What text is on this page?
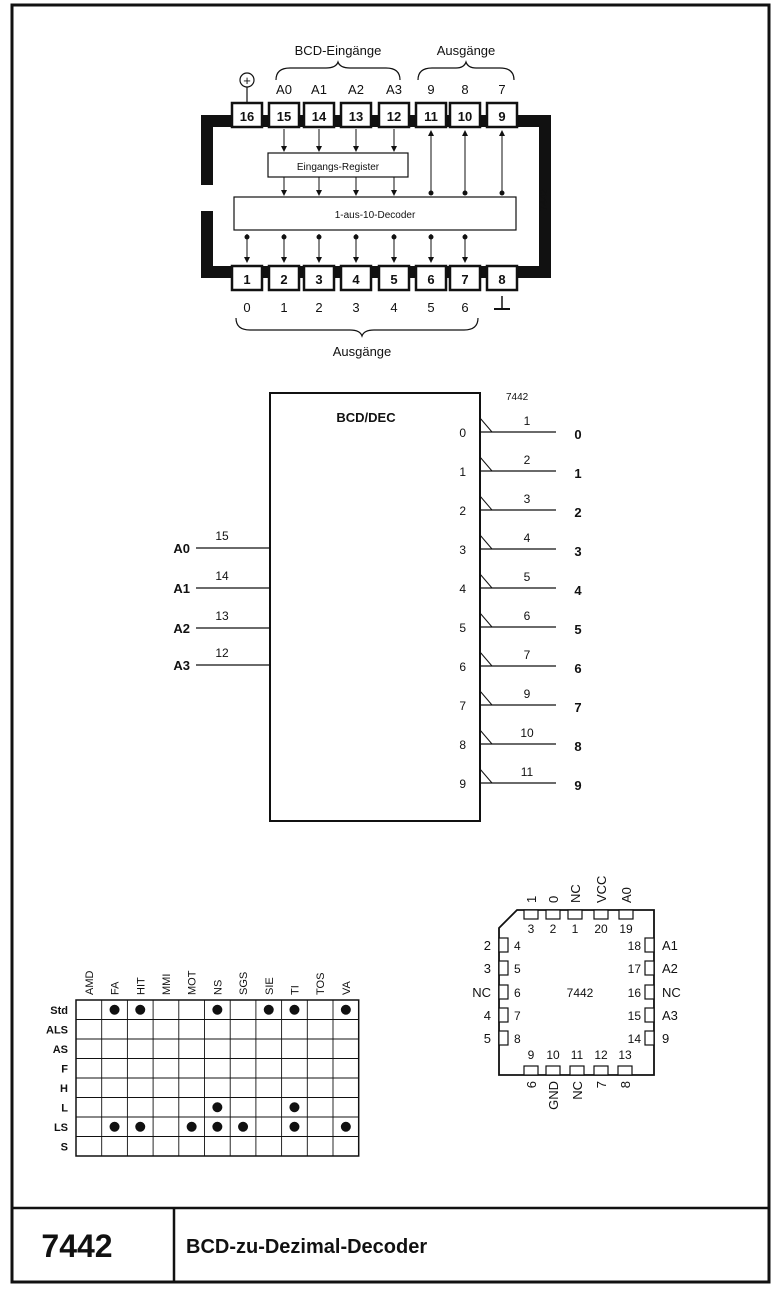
Eingangs-Register
1-aus-10-Decoder
7442
16 15
A0
14
A1
13
A2
12
A3
11
9
10
8
9
7
1
0
2
1
3
2
4
3
5
4
6
5
7
6
8
BCD-Eingänge	Ausgänge
+
Ausgänge
BCD/DEC
7442
A0
15
A1
14
A2
13
A3
12
0
1
0
1
2
1
2
3
2
3
4
3
4
5
4
5
6
5
6
7
6
7
9
7
8
10
8
9
11
9
AMD FA HIT MMI MOT NS SGS SIE TI TOS VA
Std
ALS
AS
F
H
L
LS
S
7442
3
1
2
0
1
NC
20
VCC
19
A0
4
2
5
3
6
NC
7
4
8
5
18 A1
17 A2
16 NC
15 A3
14 9
9
6
10
GND
11
NC
12
7
13
8
7442	BCD-zu-Dezimal-Decoder
